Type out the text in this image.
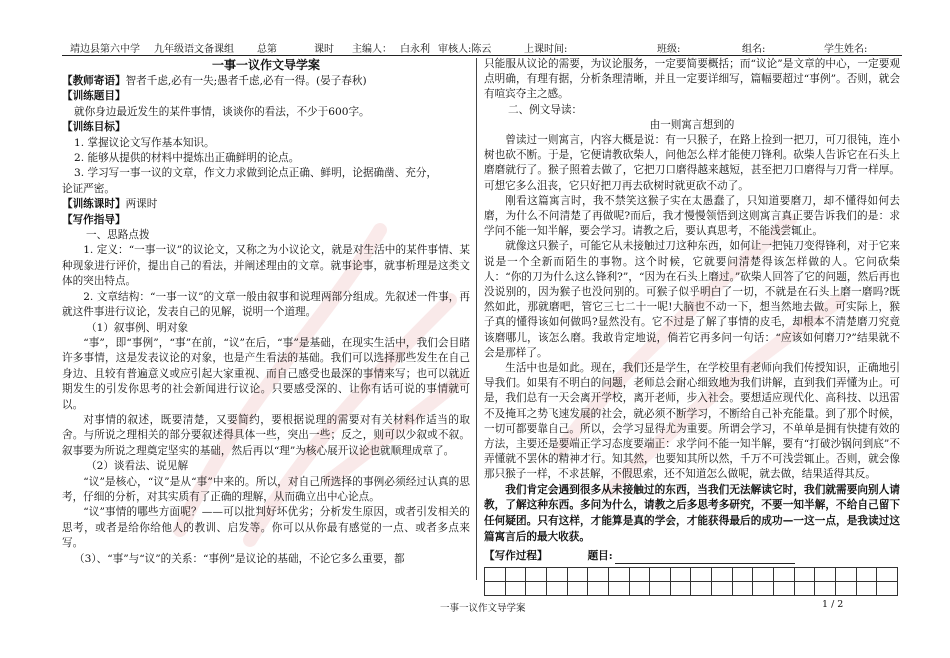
靖边县第六中学 九年级语文备课组 总第	课时 主编人： 白永利 审核人:陈云	上课时间:	班级:	组名:	学生姓名:
一事一议作文导学案
【教师寄语】智者千虑,必有一失;愚者千虑,必有一得。(晏子春秋)
【训练题目】
就你身边最近发生的某件事情，谈谈你的看法，不少于600字。
【训练目标】
1. 掌握议论文写作基本知识。
2. 能够从提供的材料中提炼出正确鲜明的论点。
3. 学习写一事一议的文章，作文力求做到论点正确、鲜明，论据确凿、充分，
论证严密。
【训练课时】两课时
【写作指导】
一、思路点拨
1. 定义：“一事一议”的议论文，又称之为小议论文，就是对生活中的某件事情、某种现象进行评价，提出自己的看法，并阐述理由的文章。就事论事，就事析理是这类文体的突出特点。
2. 文章结构：“一事一议”的文章一般由叙事和说理两部分组成。先叙述一件事，再就这件事进行议论，发表自己的见解，说明一个道理。
（1）叙事例、明对象
“事”，即“事例”，“事”在前，“议”在后，“事”是基础，在现实生活中，我们会目睹许多事情，这是发表议论的对象，也是产生看法的基础。我们可以选择那些发生在自己身边、且较有普遍意义或应引起大家重视、而自己感受也最深的事情来写；也可以就近期发生的引发你思考的社会新闻进行议论。只要感受深的、让你有话可说的事情就可以。
对事情的叙述，既要清楚，又要简约，要根据说理的需要对有关材料作适当的取舍。与所说之理相关的部分要叙述得具体一些，突出一些；反之，则可以少叙或不叙。叙事要为所说之理奠定坚实的基础，然后再以“理”为核心展开议论也就顺理成章了。
（2）谈看法、说见解
“议”是核心，“议”是从“事”中来的。所以，对自己所选择的事例必须经过认真的思考，仔细的分析，对其实质有了正确的理解，从而确立出中心论点。
“议”事情的哪些方面呢？——可以批判好坏优劣；分析发生原因，或者引发相关的思考，或者是给你给他人的教训、启发等。你可以从你最有感觉的一点、或者多点来写。
（3）、“事”与“议”的关系：“事例”是议论的基础，不论它多么重要，都
只能服从议论的需要，为议论服务，一定要简要概括；而“议论”是文章的中心，一定要观点明确，有理有据，分析条理清晰，并且一定要详细写，篇幅要超过“事例”。否则，就会有喧宾夺主之感。
二、例文导读：
由一则寓言想到的
曾读过一则寓言，内容大概是说：有一只猴子，在路上捡到一把刀，可刀很钝，连小树也砍不断。于是，它便请教砍柴人，问他怎么样才能使刀锋利。砍柴人告诉它在石头上磨磨就行了。猴子照着去做了，它把刀口磨得越来越短，甚至把刀口磨得与刀背一样厚。可想它多么沮丧，它只好把刀再去砍树时就更砍不动了。
刚看这篇寓言时，我不禁笑这猴子实在太愚蠢了，只知道要磨刀，却不懂得如何去磨，为什么不问清楚了再做呢?而后，我才慢慢领悟到这则寓言真正要告诉我们的是：求学问不能一知半解，要会学习。请教之后，要认真思考，不能浅尝辄止。
就像这只猴子，可能它从未接触过刀这种东西，如何让一把钝刀变得锋利，对于它来说是一个全新而陌生的事物。这个时候，它就要问清楚得该怎样做的人。它问砍柴人：“你的刀为什么这么锋利?”，“因为在石头上磨过。”砍柴人回答了它的问题，然后再也没说别的，因为猴子也没问别的。可猴子似乎明白了一切，不就是在石头上磨一磨吗?既然如此，那就磨吧，管它三七二十一呢!大脑也不动一下，想当然地去做。可实际上，猴子真的懂得该如何做吗?显然没有。它不过是了解了事情的皮毛，却根本不清楚磨刀究竟该磨哪儿，该怎么磨。我敢肯定地说，倘若它再多问一句话：“应该如何磨刀?”结果就不会是那样了。
生活中也是如此。现在，我们还是学生，在学校里有老师向我们传授知识，正确地引导我们。如果有不明白的问题，老师总会耐心细致地为我们讲解，直到我们弄懂为止。可是，我们总有一天会离开学校，离开老师，步入社会。要想适应现代化、高科技、以迅雷不及掩耳之势飞速发展的社会，就必须不断学习，不断给自己补充能量。到了那个时候，一切可都要靠自己。所以，会学习显得尤为重要。所谓会学习，不单单是拥有快捷有效的方法，主要还是要端正学习态度要端正：求学问不能一知半解，要有“打破沙锅问到底”不弄懂就不罢休的精神才行。知其然，也要知其所以然，千万不可浅尝辄止。否则，就会像那只猴子一样，不求甚解，不假思索，还不知道怎么做呢，就去做，结果适得其反。
我们肯定会遇到很多从未接触过的东西，当我们无法解读它时，我们就需要向别人请教，了解这种东西。多问为什么，请教之后多思考多研究，不要一知半解，不给自己留下任何疑团。只有这样，才能算是真的学会，才能获得最后的成功—一这一点，是我读过这篇寓言后的最大收获。
【写作过程】	题目:
一事一议作文导学案	1 / 2
